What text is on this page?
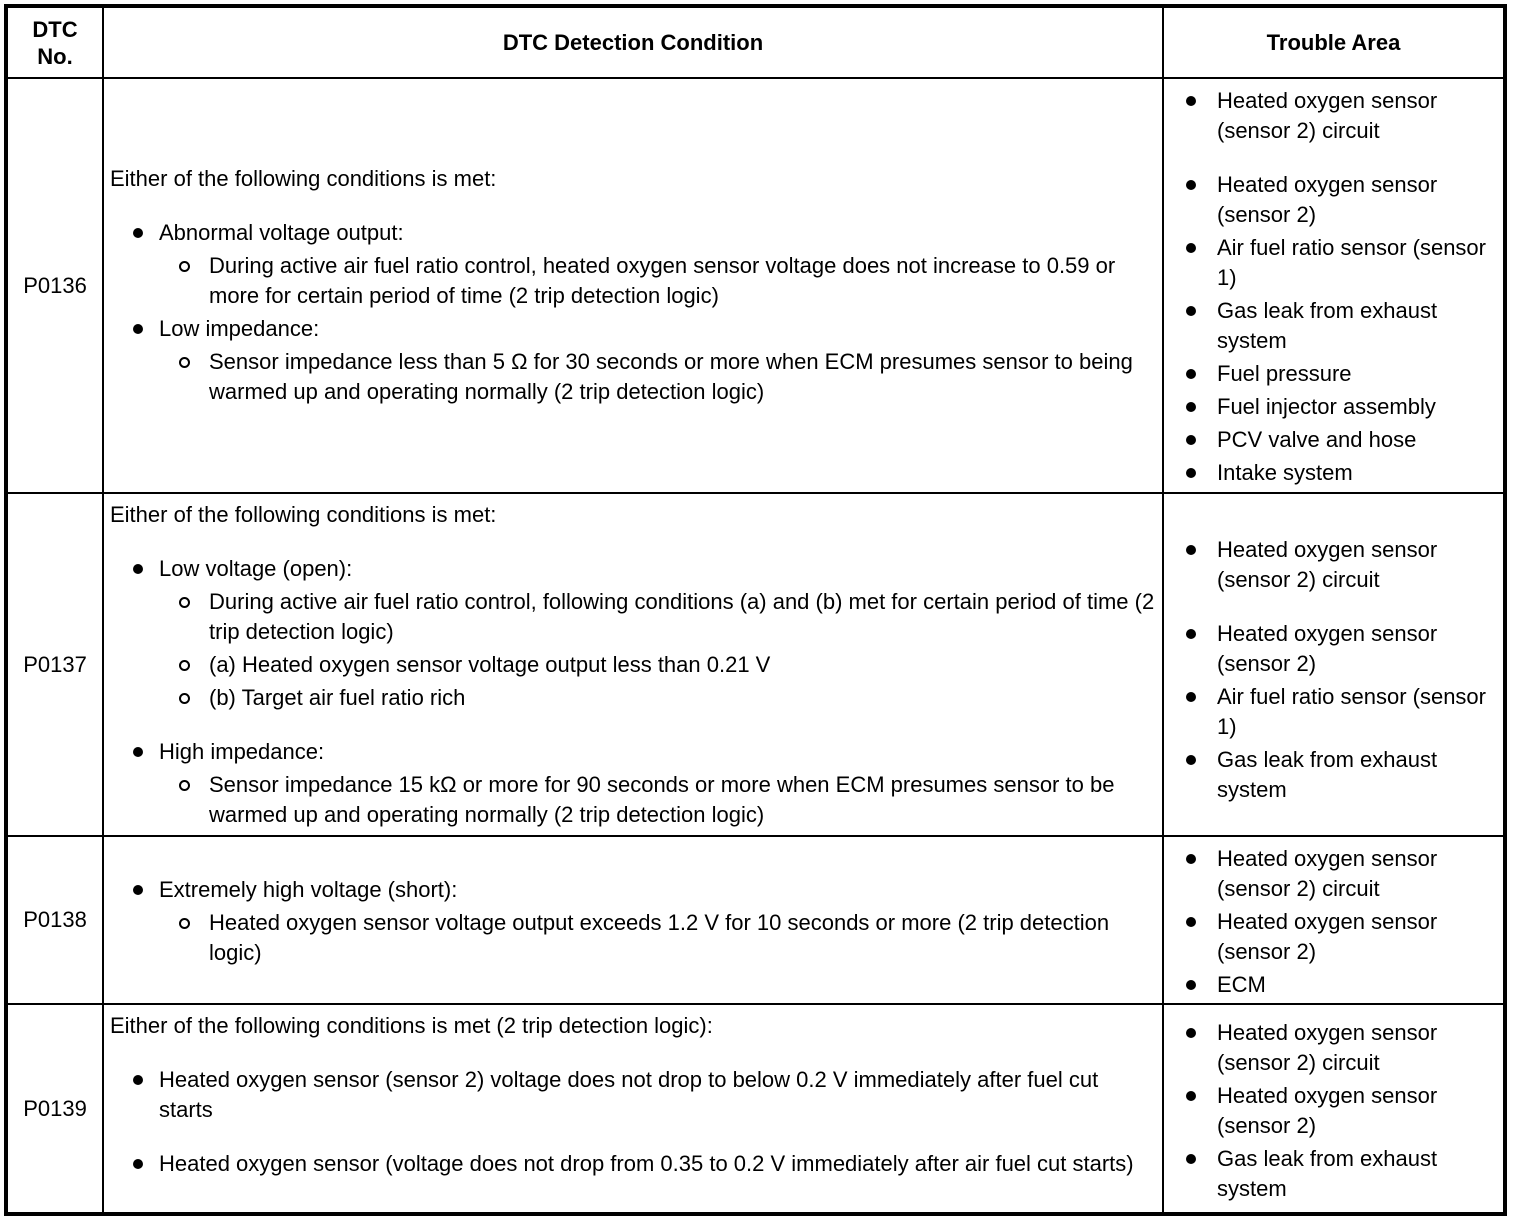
DTC
No.
DTC Detection Condition	Trouble Area
P0136
Either of the following conditions is met:
Abnormal voltage output:
During active air fuel ratio control, heated oxygen sensor voltage does not increase to 0.59 or more for certain period of time (2 trip detection logic)
Low impedance:
Sensor impedance less than 5 Ω for 30 seconds or more when ECM presumes sensor to being warmed up and operating normally (2 trip detection logic)
Heated oxygen sensor (sensor 2) circuit
Heated oxygen sensor (sensor 2)
Air fuel ratio sensor (sensor 1)
Gas leak from exhaust system
Fuel pressure
Fuel injector assembly
PCV valve and hose
Intake system
P0137
Either of the following conditions is met:
Low voltage (open):
During active air fuel ratio control, following conditions (a) and (b) met for certain period of time (2 trip detection logic)
(a) Heated oxygen sensor voltage output less than 0.21 V
(b) Target air fuel ratio rich
High impedance:
Sensor impedance 15 kΩ or more for 90 seconds or more when ECM presumes sensor to be warmed up and operating normally (2 trip detection logic)
Heated oxygen sensor (sensor 2) circuit
Heated oxygen sensor (sensor 2)
Air fuel ratio sensor (sensor 1)
Gas leak from exhaust system
P0138
Extremely high voltage (short):
Heated oxygen sensor voltage output exceeds 1.2 V for 10 seconds or more (2 trip detection logic)
Heated oxygen sensor (sensor 2) circuit
Heated oxygen sensor (sensor 2)
ECM
P0139
Either of the following conditions is met (2 trip detection logic):
Heated oxygen sensor (sensor 2) voltage does not drop to below 0.2 V immediately after fuel cut starts
Heated oxygen sensor (voltage does not drop from 0.35 to 0.2 V immediately after air fuel cut starts)
Heated oxygen sensor (sensor 2) circuit
Heated oxygen sensor (sensor 2)
Gas leak from exhaust system
